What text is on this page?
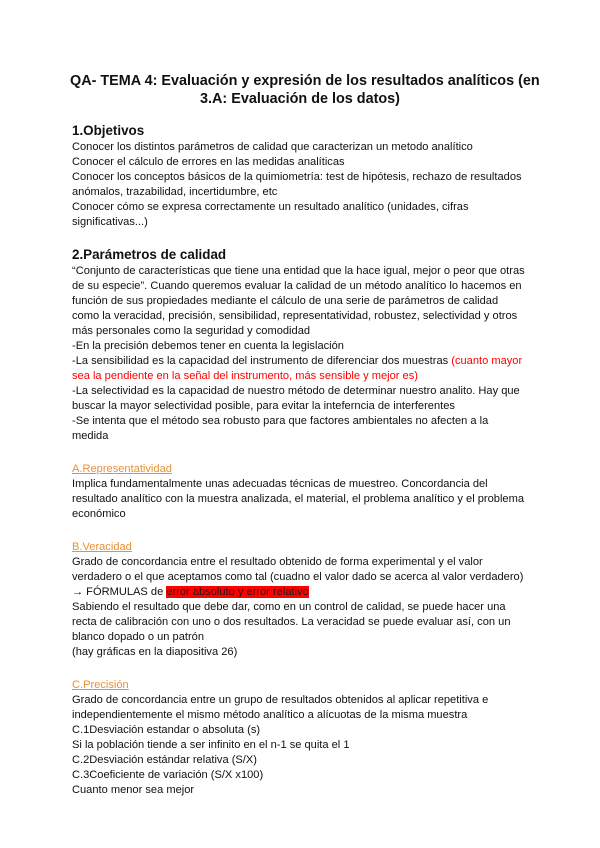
QA- TEMA 4: Evaluación y expresión de los resultados analíticos (en
3.A: Evaluación de los datos)
1.Objetivos
Conocer los distintos parámetros de calidad que caracterizan un metodo analítico
Conocer el cálculo de errores en las medidas analíticas
Conocer los conceptos básicos de la quimiometría: test de hipótesis, rechazo de resultados
anómalos, trazabilidad, incertidumbre, etc
Conocer cómo se expresa correctamente un resultado analítico (unidades, cifras
significativas...)
2.Parámetros de calidad
“Conjunto de características que tiene una entidad que la hace igual, mejor o peor que otras
de su especie”. Cuando queremos evaluar la calidad de un método analítico lo hacemos en
función de sus propiedades mediante el cálculo de una serie de parámetros de calidad
como la veracidad, precisión, sensibilidad, representatividad, robustez, selectividad y otros
más personales como la seguridad y comodidad
-En la precisión debemos tener en cuenta la legislación
-La sensibilidad es la capacidad del instrumento de diferenciar dos muestras (cuanto mayor
sea la pendiente en la señal del instrumento, más sensible y mejor es)
-La selectividad es la capacidad de nuestro método de determinar nuestro analito. Hay que
buscar la mayor selectividad posible, para evitar la inteferncia de interferentes
-Se intenta que el método sea robusto para que factores ambientales no afecten a la
medida
A.Representatividad
Implica fundamentalmente unas adecuadas técnicas de muestreo. Concordancia del
resultado analítico con la muestra analizada, el material, el problema analítico y el problema
económico
B.Veracidad
Grado de concordancia entre el resultado obtenido de forma experimental y el valor
verdadero o el que aceptamos como tal (cuadno el valor dado se acerca al valor verdadero)
→ FÓRMULAS de error absoluto y error relativo
Sabiendo el resultado que debe dar, como en un control de calidad, se puede hacer una
recta de calibración con uno o dos resultados. La veracidad se puede evaluar así, con un
blanco dopado o un patrón
(hay gráficas en la diapositiva 26)
C.Precisión
Grado de concordancia entre un grupo de resultados obtenidos al aplicar repetitiva e
independientemente el mismo método analítico a alícuotas de la misma muestra
C.1Desviación estandar o absoluta (s)
Si la población tiende a ser infinito en el n-1 se quita el 1
C.2Desviación estándar relativa (S/X)
C.3Coeficiente de variación (S/X x100)
Cuanto menor sea mejor
